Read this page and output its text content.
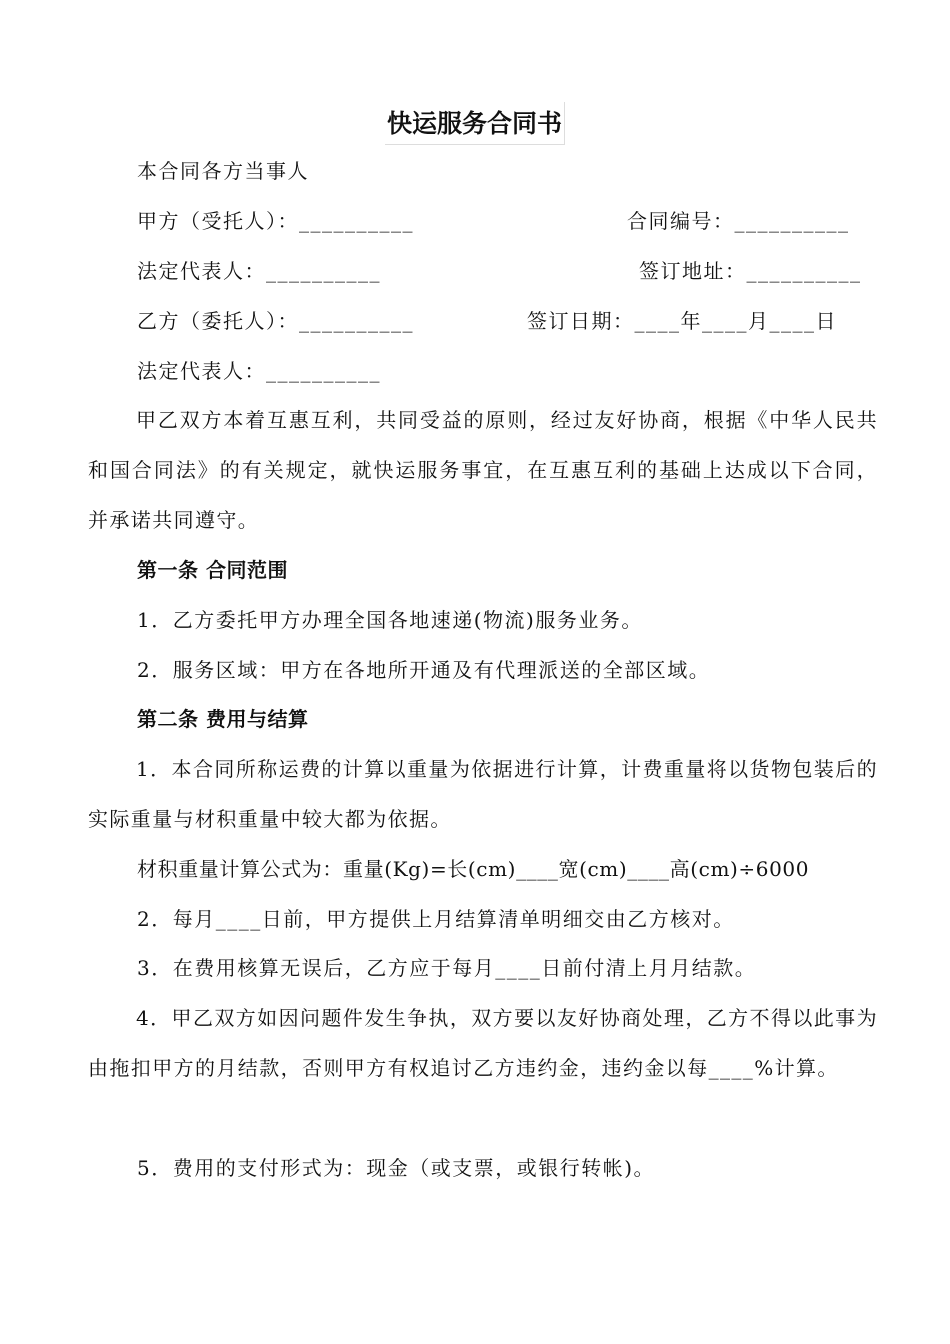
快运服务合同书
本合同各方当事人
甲方（受托人）：__________	合同编号：__________
法定代表人：__________	签订地址：__________
乙方（委托人）：__________	签订日期：____年____月____日
法定代表人：__________
甲乙双方本着互惠互利，共同受益的原则，经过友好协商，根据《中华人民共和国合同法》的有关规定，就快运服务事宜，在互惠互利的基础上达成以下合同，并承诺共同遵守。
第一条 合同范围
1．乙方委托甲方办理全国各地速递(物流)服务业务。
2．服务区域：甲方在各地所开通及有代理派送的全部区域。
第二条 费用与结算
1．本合同所称运费的计算以重量为依据进行计算，计费重量将以货物包装后的实际重量与材积重量中较大都为依据。
材积重量计算公式为：重量(Kg)=长(cm)____宽(cm)____高(cm)÷6000
2．每月____日前，甲方提供上月结算清单明细交由乙方核对。
3．在费用核算无误后，乙方应于每月____日前付清上月月结款。
4．甲乙双方如因问题件发生争执，双方要以友好协商处理，乙方不得以此事为由拖扣甲方的月结款，否则甲方有权追讨乙方违约金，违约金以每____%计算。
5．费用的支付形式为：现金（或支票，或银行转帐)。
